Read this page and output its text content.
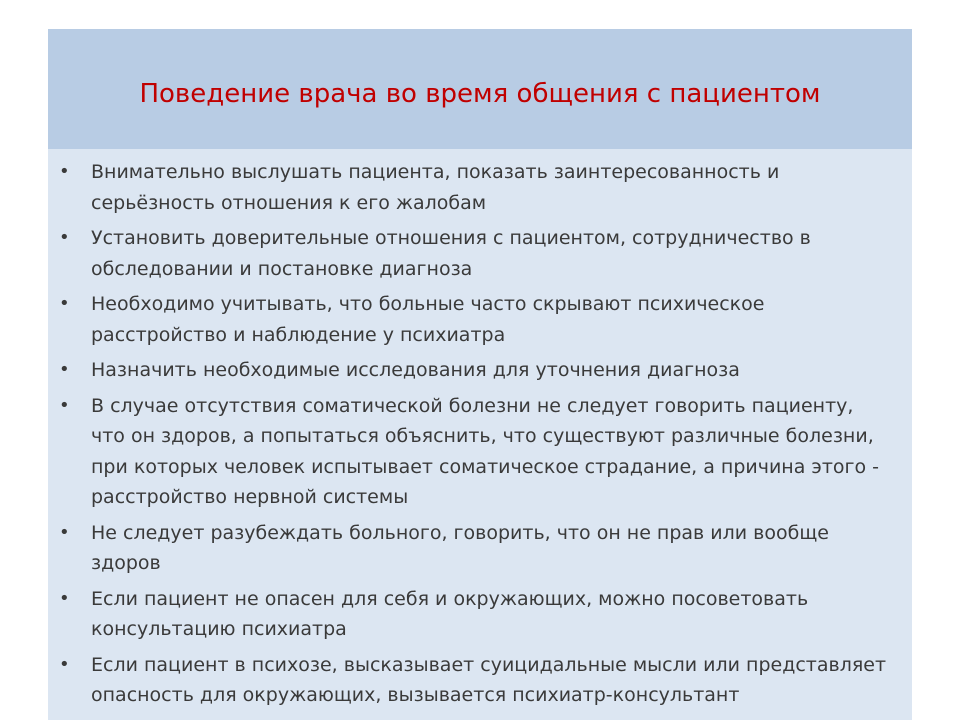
Поведение врача во время общения с пациентом
• Внимательно выслушать пациента, показать заинтересованность и серьёзность отношения к его жалобам
• Установить доверительные отношения с пациентом, сотрудничество в обследовании и постановке диагноза
• Необходимо учитывать, что больные часто скрывают психическое расстройство и наблюдение у психиатра
• Назначить необходимые исследования для уточнения диагноза
• В случае отсутствия соматической болезни не следует говорить пациенту, что он здоров, а попытаться объяснить, что существуют различные болезни, при которых человек испытывает соматическое страдание, а причина этого - расстройство нервной системы
• Не следует разубеждать больного, говорить, что он не прав или вообще здоров
• Если пациент не опасен для себя и окружающих, можно посоветовать консультацию психиатра
• Если пациент в психозе, высказывает суицидальные мысли или представляет опасность для окружающих, вызывается психиатр-консультант
